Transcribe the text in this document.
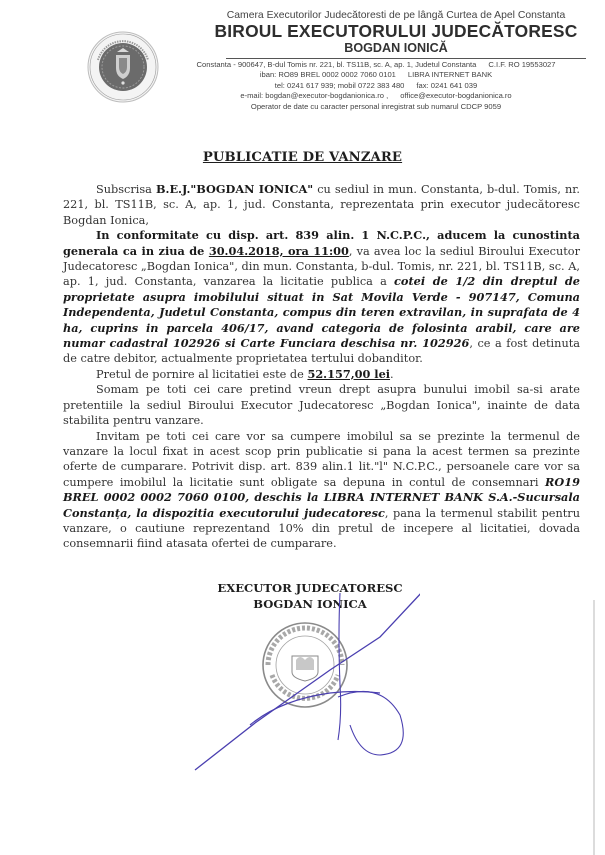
Camera Executorilor Judecătoresti de pe lângă Curtea de Apel Constanta
BIROUL EXECUTORULUI JUDECĂTORESC
BOGDAN IONICĂ
Constanta - 900647, B-dul Tomis nr. 221, bl. TS11B, sc. A, ap. 1, Judetul Constanta C.I.F. RO 19553027
iban: RO89 BREL 0002 0002 7060 0101 LIBRA INTERNET BANK
tel: 0241 617 939; mobil 0722 383 480 fax: 0241 641 039
e-mail: bogdan@executor-bogdanionica.ro , office@executor-bogdanionica.ro
Operator de date cu caracter personal inregistrat sub numarul CDCP 9059
PUBLICATIE DE VANZARE

Subscrisa B.E.J."BOGDAN IONICA" cu sediul in mun. Constanta, b-dul. Tomis, nr. 221, bl. TS11B, sc. A, ap. 1, jud. Constanta, reprezentata prin executor judecătoresc Bogdan Ionica,

In conformitate cu disp. art. 839 alin. 1 N.C.P.C., aducem la cunostinta generala ca in ziua de 30.04.2018, ora 11:00, va avea loc la sediul Biroului Executor Judecatoresc „Bogdan Ionica", din mun. Constanta, b-dul. Tomis, nr. 221, bl. TS11B, sc. A, ap. 1, jud. Constanta, vanzarea la licitatie publica a cotei de 1/2 din dreptul de proprietate asupra imobilului situat in Sat Movila Verde - 907147, Comuna Independenta, Judetul Constanta, compus din teren extravilan, in suprafata de 4 ha, cuprins in parcela 406/17, avand categoria de folosinta arabil, care are numar cadastral 102926 si Carte Funciara deschisa nr. 102926, ce a fost detinuta de catre debitor, actualmente proprietatea tertului dobanditor.

Pretul de pornire al licitatiei este de 52.157,00 lei.

Somam pe toti cei care pretind vreun drept asupra bunului imobil sa-si arate pretentiile la sediul Biroului Executor Judecatoresc „Bogdan Ionica", inainte de data stabilita pentru vanzare.

Invitam pe toti cei care vor sa cumpere imobilul sa se prezinte la termenul de vanzare la locul fixat in acest scop prin publicatie si pana la acest termen sa prezinte oferte de cumparare. Potrivit disp. art. 839 alin.1 lit."l" N.C.P.C., persoanele care vor sa cumpere imobilul la licitatie sunt obligate sa depuna in contul de consemnari RO19 BREL 0002 0002 7060 0100, deschis la LIBRA INTERNET BANK S.A.-Sucursala Constanța, la dispozitia executorului judecatoresc, pana la termenul stabilit pentru vanzare, o cautiune reprezentand 10% din pretul de incepere al licitatiei, dovada consemnarii fiind atasata ofertei de cumparare.

EXECUTOR JUDECATORESC
BOGDAN IONICA
